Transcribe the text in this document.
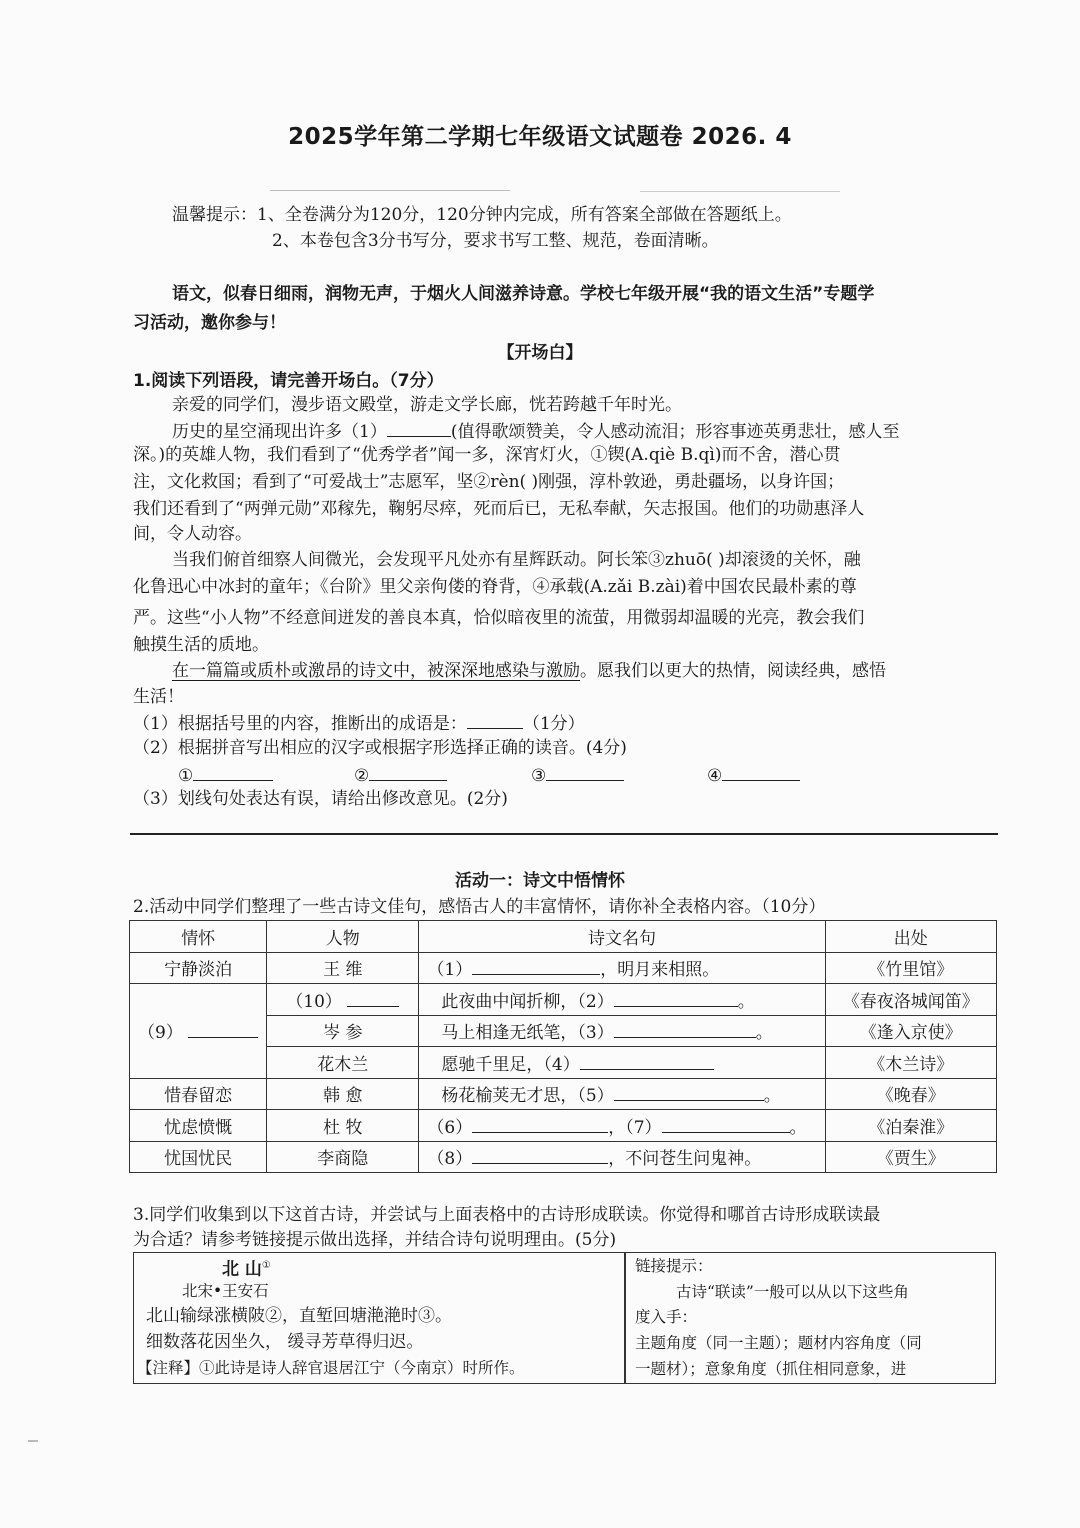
2025学年第二学期七年级语文试题卷 2026. 4
温馨提示：1、全卷满分为120分，120分钟内完成，所有答案全部做在答题纸上。
2、本卷包含3分书写分，要求书写工整、规范，卷面清晰。
语文，似春日细雨，润物无声，于烟火人间滋养诗意。学校七年级开展“我的语文生活”专题学
习活动，邀你参与！
【开场白】
1.阅读下列语段，请完善开场白。（7分）
亲爱的同学们，漫步语文殿堂，游走文学长廊，恍若跨越千年时光。
历史的星空涌现出许多（1）	(值得歌颂赞美，令人感动流泪；形容事迹英勇悲壮，感人至
深。)的英雄人物，我们看到了“优秀学者”闻一多，深宵灯火，①锲(A.qiè B.qì)而不舍，潜心贯
注，文化救国；看到了“可爱战士”志愿军，坚②rèn( )刚强，淳朴敦逊，勇赴疆场，以身许国；
我们还看到了“两弹元勋”邓稼先，鞠躬尽瘁，死而后已，无私奉献，矢志报国。他们的功勋惠泽人
间，令人动容。
当我们俯首细察人间微光，会发现平凡处亦有星辉跃动。阿长笨③zhuō( )却滚烫的关怀，融
化鲁迅心中冰封的童年；《台阶》里父亲佝偻的脊背，④承载(A.zǎi B.zài)着中国农民最朴素的尊
严。这些“小人物”不经意间迸发的善良本真，恰似暗夜里的流萤，用微弱却温暖的光亮，教会我们
触摸生活的质地。
在一篇篇或质朴或激昂的诗文中，被深深地感染与激励。愿我们以更大的热情，阅读经典，感悟
生活！
（1）根据括号里的内容，推断出的成语是：	（1分）
（2）根据拼音写出相应的汉字或根据字形选择正确的读音。(4分)
①	②	③	④
（3）划线句处表达有误，请给出修改意见。(2分)
活动一：诗文中悟情怀
2.活动中同学们整理了一些古诗文佳句，感悟古人的丰富情怀，请你补全表格内容。（10分）
情怀	人物	诗文名句	出处
宁静淡泊	王 维	（1） ，明月来相照。	《竹里馆》
（9）	（10）	此夜曲中闻折柳，（2） 。	《春夜洛城闻笛》
	岑 参	马上相逢无纸笔，（3） 。	《逢入京使》
	花木兰	愿驰千里足，（4）	《木兰诗》
惜春留恋	韩 愈	杨花榆荚无才思，（5） 。	《晚春》
忧虑愤慨	杜 牧	（6） ，（7） 。	《泊秦淮》
忧国忧民	李商隐	（8） ，不问苍生问鬼神。	《贾生》
3.同学们收集到以下这首古诗，并尝试与上面表格中的古诗形成联读。你觉得和哪首古诗形成联读最
为合适？请参考链接提示做出选择，并结合诗句说明理由。(5分)
北 山①
北宋•王安石
北山输绿涨横陂②，直堑回塘滟滟时③。
细数落花因坐久， 缓寻芳草得归迟。
【注释】①此诗是诗人辞官退居江宁（今南京）时所作。
链接提示：
古诗“联读”一般可以从以下这些角
度入手：
主题角度（同一主题）；题材内容角度（同
一题材）；意象角度（抓住相同意象，进
